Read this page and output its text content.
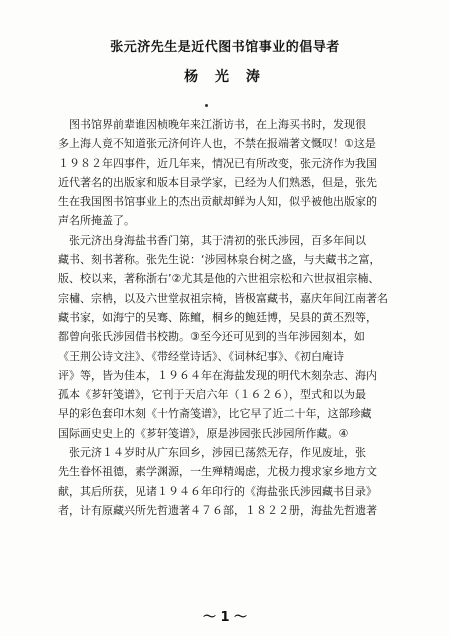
张元济先生是近代图书馆事业的倡导者
杨 光 涛
　图书馆界前辈谁因桢晚年来江浙访书，在上海买书时，发现很
多上海人竟不知道张元济何许人也，不禁在报端著文慨叹！①这是
１９８２年四事件，近几年来，情况已有所改变，张元济作为我国
近代著名的出版家和版本目录学家，已经为人们熟悉，但是，张先
生在我国图书馆事业上的杰出贡献却鲜为人知，似乎被他出版家的
声名所掩盖了。
　张元济出身海盐书香门第，其于清初的张氏涉园，百多年间以
藏书、刻书著称。张先生说：‘涉园林泉台树之盛，与夫藏书之富，
版、校以来，著称浙右’②尤其是他的六世祖宗松和六世叔祖宗楠、
宗橚、宗柟，以及六世堂叔祖宗椅，皆极富藏书，嘉庆年间江南著名
藏书家，如海宁的吴骞、陈鳣，桐乡的鲍廷博，吴县的黄丕烈等，
都曾向张氏涉园借书校勘。③至今还可见到的当年涉园刻本，如
《王荆公诗文注》、《带经堂诗话》、《词林纪事》、《初白庵诗
评》等，皆为佳本，１９６４年在海盐发现的明代木刻杂志、海内
孤本《芗轩笺谱》，它刊于天启六年（１６２６），型式和以为最
早的彩色套印木刻《十竹斋笺谱》，比它早了近二十年，这部珍藏
国际画史史上的《芗轩笺谱》，原是涉园张氏涉园所作藏。④
　张元济１４岁时从广东回乡，涉园已荡然无存，作见废址，张
先生眷怀祖德，素学渊源，一生殚精竭虑，尤极力搜求家乡地方文
献，其后所获，见诸１９４６年印行的《海盐张氏涉园藏书目录》
者，计有原藏兴所先哲遗著４７６部，１８２２册，海盐先哲遗著
～ 1 ～
